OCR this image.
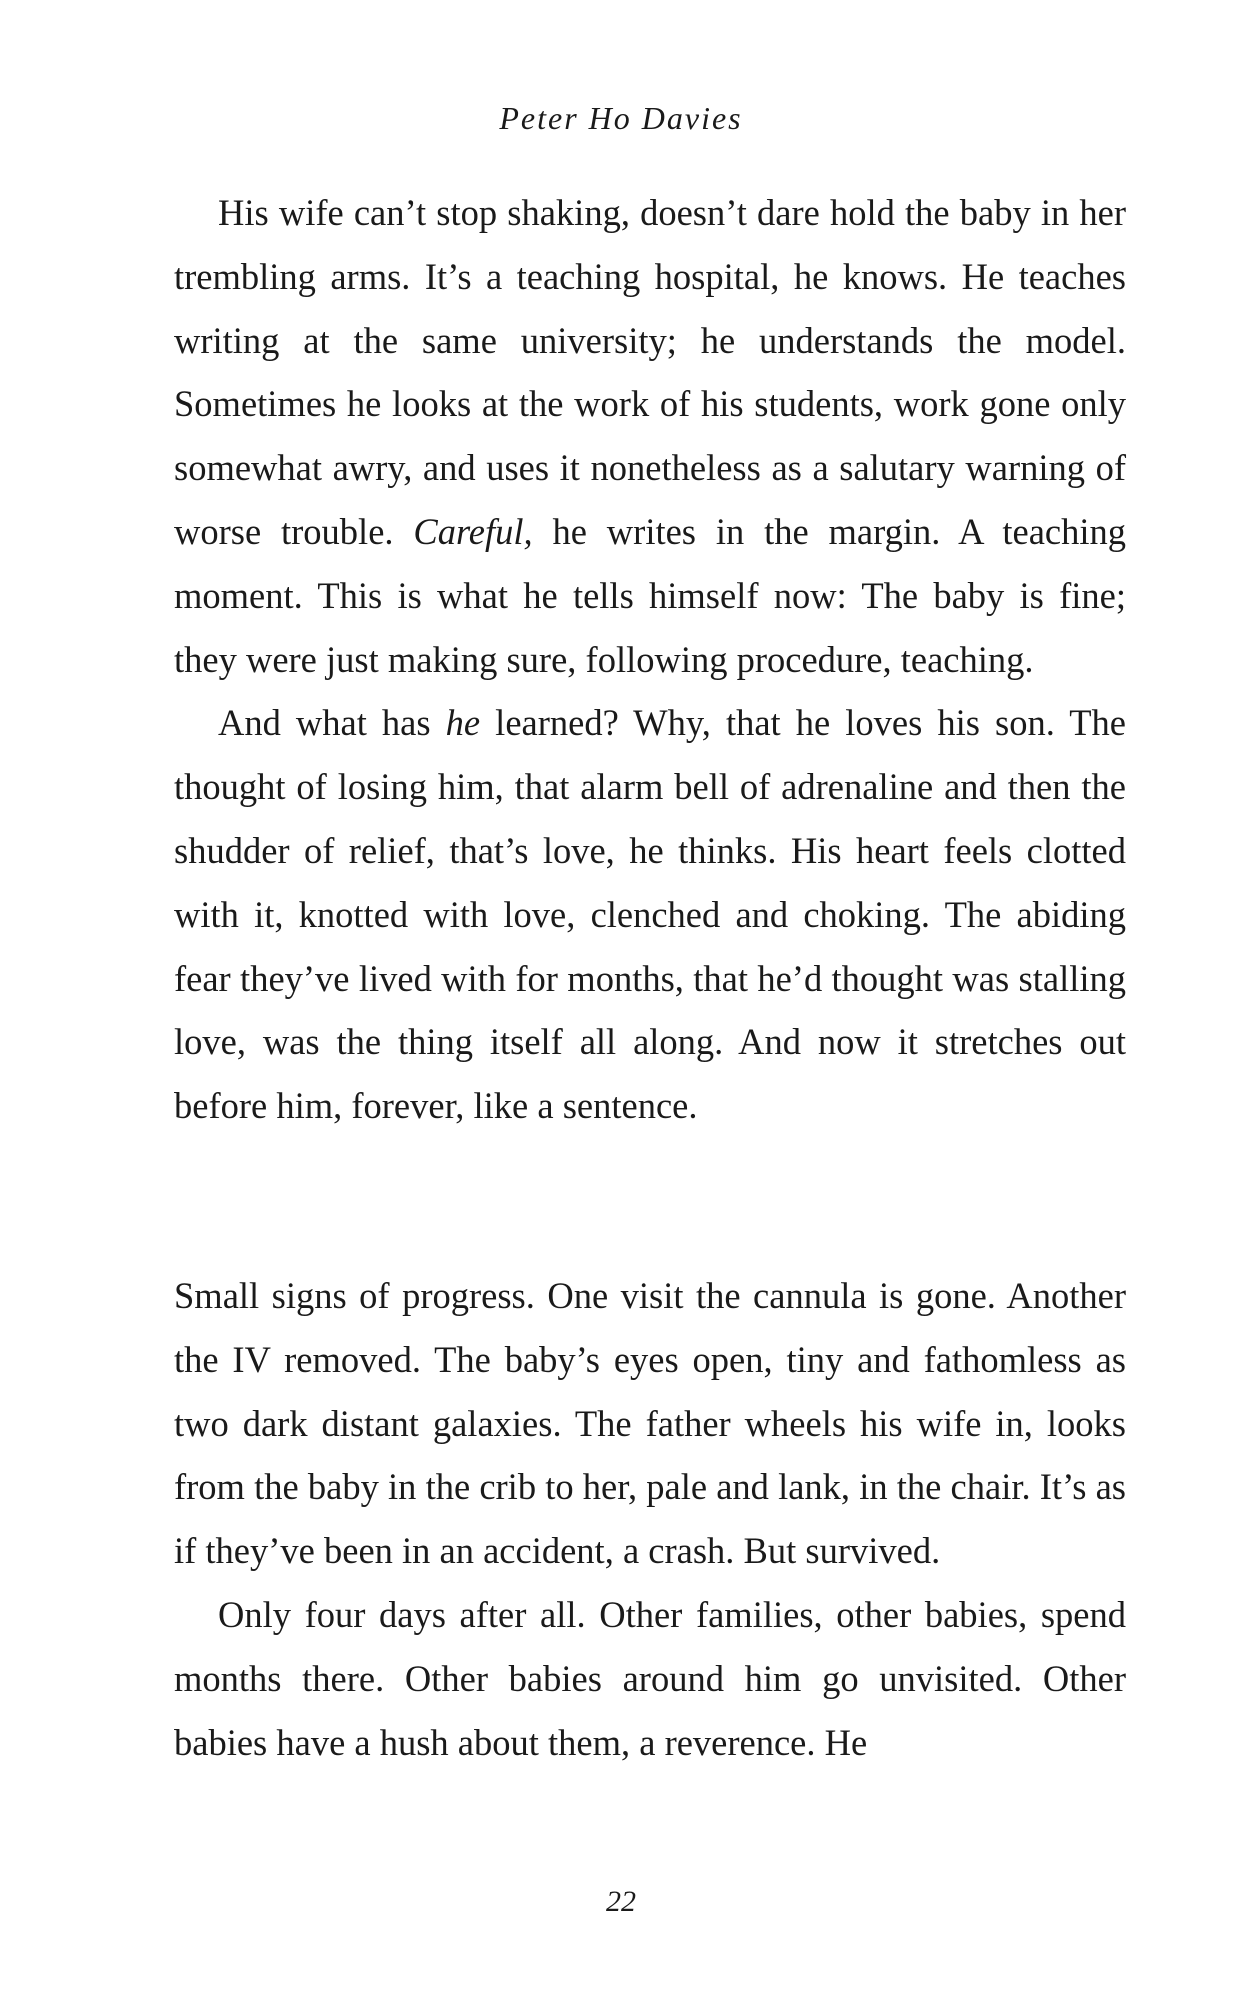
Peter Ho Davies

His wife can’t stop shaking, doesn’t dare hold the baby in her trembling arms. It’s a teaching hospital, he knows. He teaches writing at the same university; he understands the model. Sometimes he looks at the work of his students, work gone only somewhat awry, and uses it nonetheless as a salutary warning of worse trouble. Careful, he writes in the margin. A teaching moment. This is what he tells himself now: The baby is fine; they were just making sure, following procedure, teaching.

And what has he learned? Why, that he loves his son. The thought of losing him, that alarm bell of adrenaline and then the shudder of relief, that’s love, he thinks. His heart feels clotted with it, knotted with love, clenched and choking. The abiding fear they’ve lived with for months, that he’d thought was stalling love, was the thing itself all along. And now it stretches out before him, forever, like a sentence.

Small signs of progress. One visit the cannula is gone. Another the IV removed. The baby’s eyes open, tiny and fathomless as two dark distant galaxies. The father wheels his wife in, looks from the baby in the crib to her, pale and lank, in the chair. It’s as if they’ve been in an accident, a crash. But survived.

Only four days after all. Other families, other babies, spend months there. Other babies around him go unvisited. Other babies have a hush about them, a reverence. He

22
